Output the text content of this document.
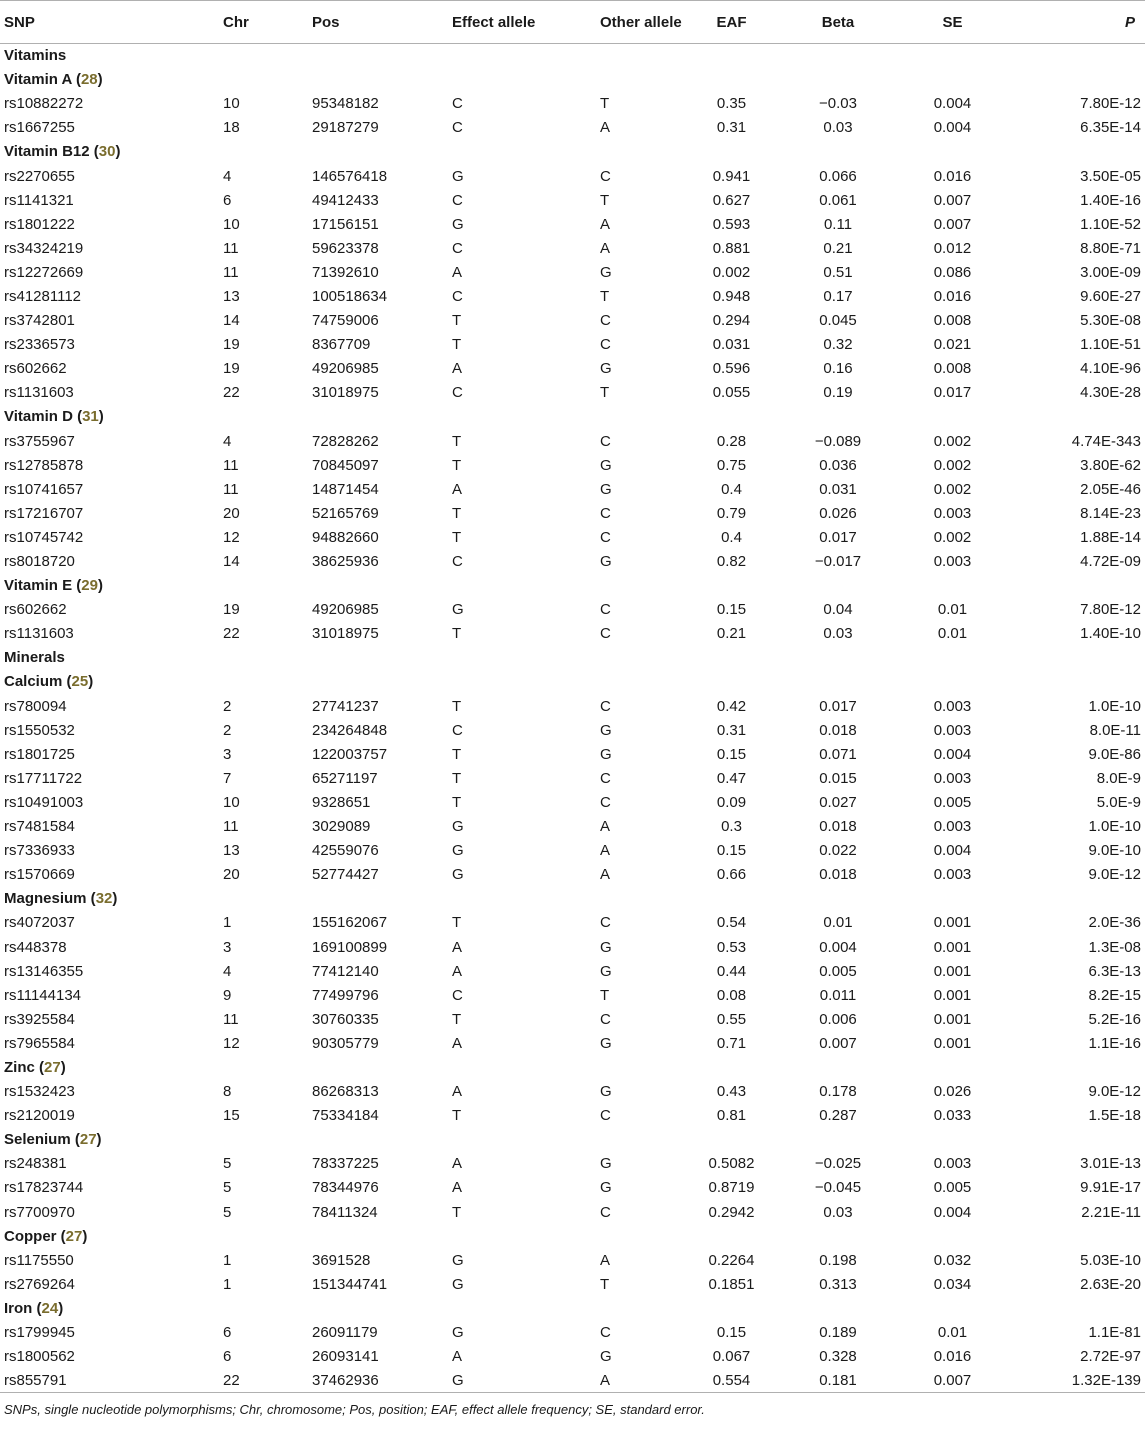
SNP	Chr	Pos	Effect allele	Other allele	EAF	Beta	SE	P
Vitamins								
Vitamin A (28)								
rs10882272	10	95348182	C	T	0.35	−0.03	0.004	7.80E-12
rs1667255	18	29187279	C	A	0.31	0.03	0.004	6.35E-14
Vitamin B12 (30)								
rs2270655	4	146576418	G	C	0.941	0.066	0.016	3.50E-05
rs1141321	6	49412433	C	T	0.627	0.061	0.007	1.40E-16
rs1801222	10	17156151	G	A	0.593	0.11	0.007	1.10E-52
rs34324219	11	59623378	C	A	0.881	0.21	0.012	8.80E-71
rs12272669	11	71392610	A	G	0.002	0.51	0.086	3.00E-09
rs41281112	13	100518634	C	T	0.948	0.17	0.016	9.60E-27
rs3742801	14	74759006	T	C	0.294	0.045	0.008	5.30E-08
rs2336573	19	8367709	T	C	0.031	0.32	0.021	1.10E-51
rs602662	19	49206985	A	G	0.596	0.16	0.008	4.10E-96
rs1131603	22	31018975	C	T	0.055	0.19	0.017	4.30E-28
Vitamin D (31)								
rs3755967	4	72828262	T	C	0.28	−0.089	0.002	4.74E-343
rs12785878	11	70845097	T	G	0.75	0.036	0.002	3.80E-62
rs10741657	11	14871454	A	G	0.4	0.031	0.002	2.05E-46
rs17216707	20	52165769	T	C	0.79	0.026	0.003	8.14E-23
rs10745742	12	94882660	T	C	0.4	0.017	0.002	1.88E-14
rs8018720	14	38625936	C	G	0.82	−0.017	0.003	4.72E-09
Vitamin E (29)								
rs602662	19	49206985	G	C	0.15	0.04	0.01	7.80E-12
rs1131603	22	31018975	T	C	0.21	0.03	0.01	1.40E-10
Minerals								
Calcium (25)								
rs780094	2	27741237	T	C	0.42	0.017	0.003	1.0E-10
rs1550532	2	234264848	C	G	0.31	0.018	0.003	8.0E-11
rs1801725	3	122003757	T	G	0.15	0.071	0.004	9.0E-86
rs17711722	7	65271197	T	C	0.47	0.015	0.003	8.0E-9
rs10491003	10	9328651	T	C	0.09	0.027	0.005	5.0E-9
rs7481584	11	3029089	G	A	0.3	0.018	0.003	1.0E-10
rs7336933	13	42559076	G	A	0.15	0.022	0.004	9.0E-10
rs1570669	20	52774427	G	A	0.66	0.018	0.003	9.0E-12
Magnesium (32)								
rs4072037	1	155162067	T	C	0.54	0.01	0.001	2.0E-36
rs448378	3	169100899	A	G	0.53	0.004	0.001	1.3E-08
rs13146355	4	77412140	A	G	0.44	0.005	0.001	6.3E-13
rs11144134	9	77499796	C	T	0.08	0.011	0.001	8.2E-15
rs3925584	11	30760335	T	C	0.55	0.006	0.001	5.2E-16
rs7965584	12	90305779	A	G	0.71	0.007	0.001	1.1E-16
Zinc (27)								
rs1532423	8	86268313	A	G	0.43	0.178	0.026	9.0E-12
rs2120019	15	75334184	T	C	0.81	0.287	0.033	1.5E-18
Selenium (27)								
rs248381	5	78337225	A	G	0.5082	−0.025	0.003	3.01E-13
rs17823744	5	78344976	A	G	0.8719	−0.045	0.005	9.91E-17
rs7700970	5	78411324	T	C	0.2942	0.03	0.004	2.21E-11
Copper (27)								
rs1175550	1	3691528	G	A	0.2264	0.198	0.032	5.03E-10
rs2769264	1	151344741	G	T	0.1851	0.313	0.034	2.63E-20
Iron (24)								
rs1799945	6	26091179	G	C	0.15	0.189	0.01	1.1E-81
rs1800562	6	26093141	A	G	0.067	0.328	0.016	2.72E-97
rs855791	22	37462936	G	A	0.554	0.181	0.007	1.32E-139
SNPs, single nucleotide polymorphisms; Chr, chromosome; Pos, position; EAF, effect allele frequency; SE, standard error.
